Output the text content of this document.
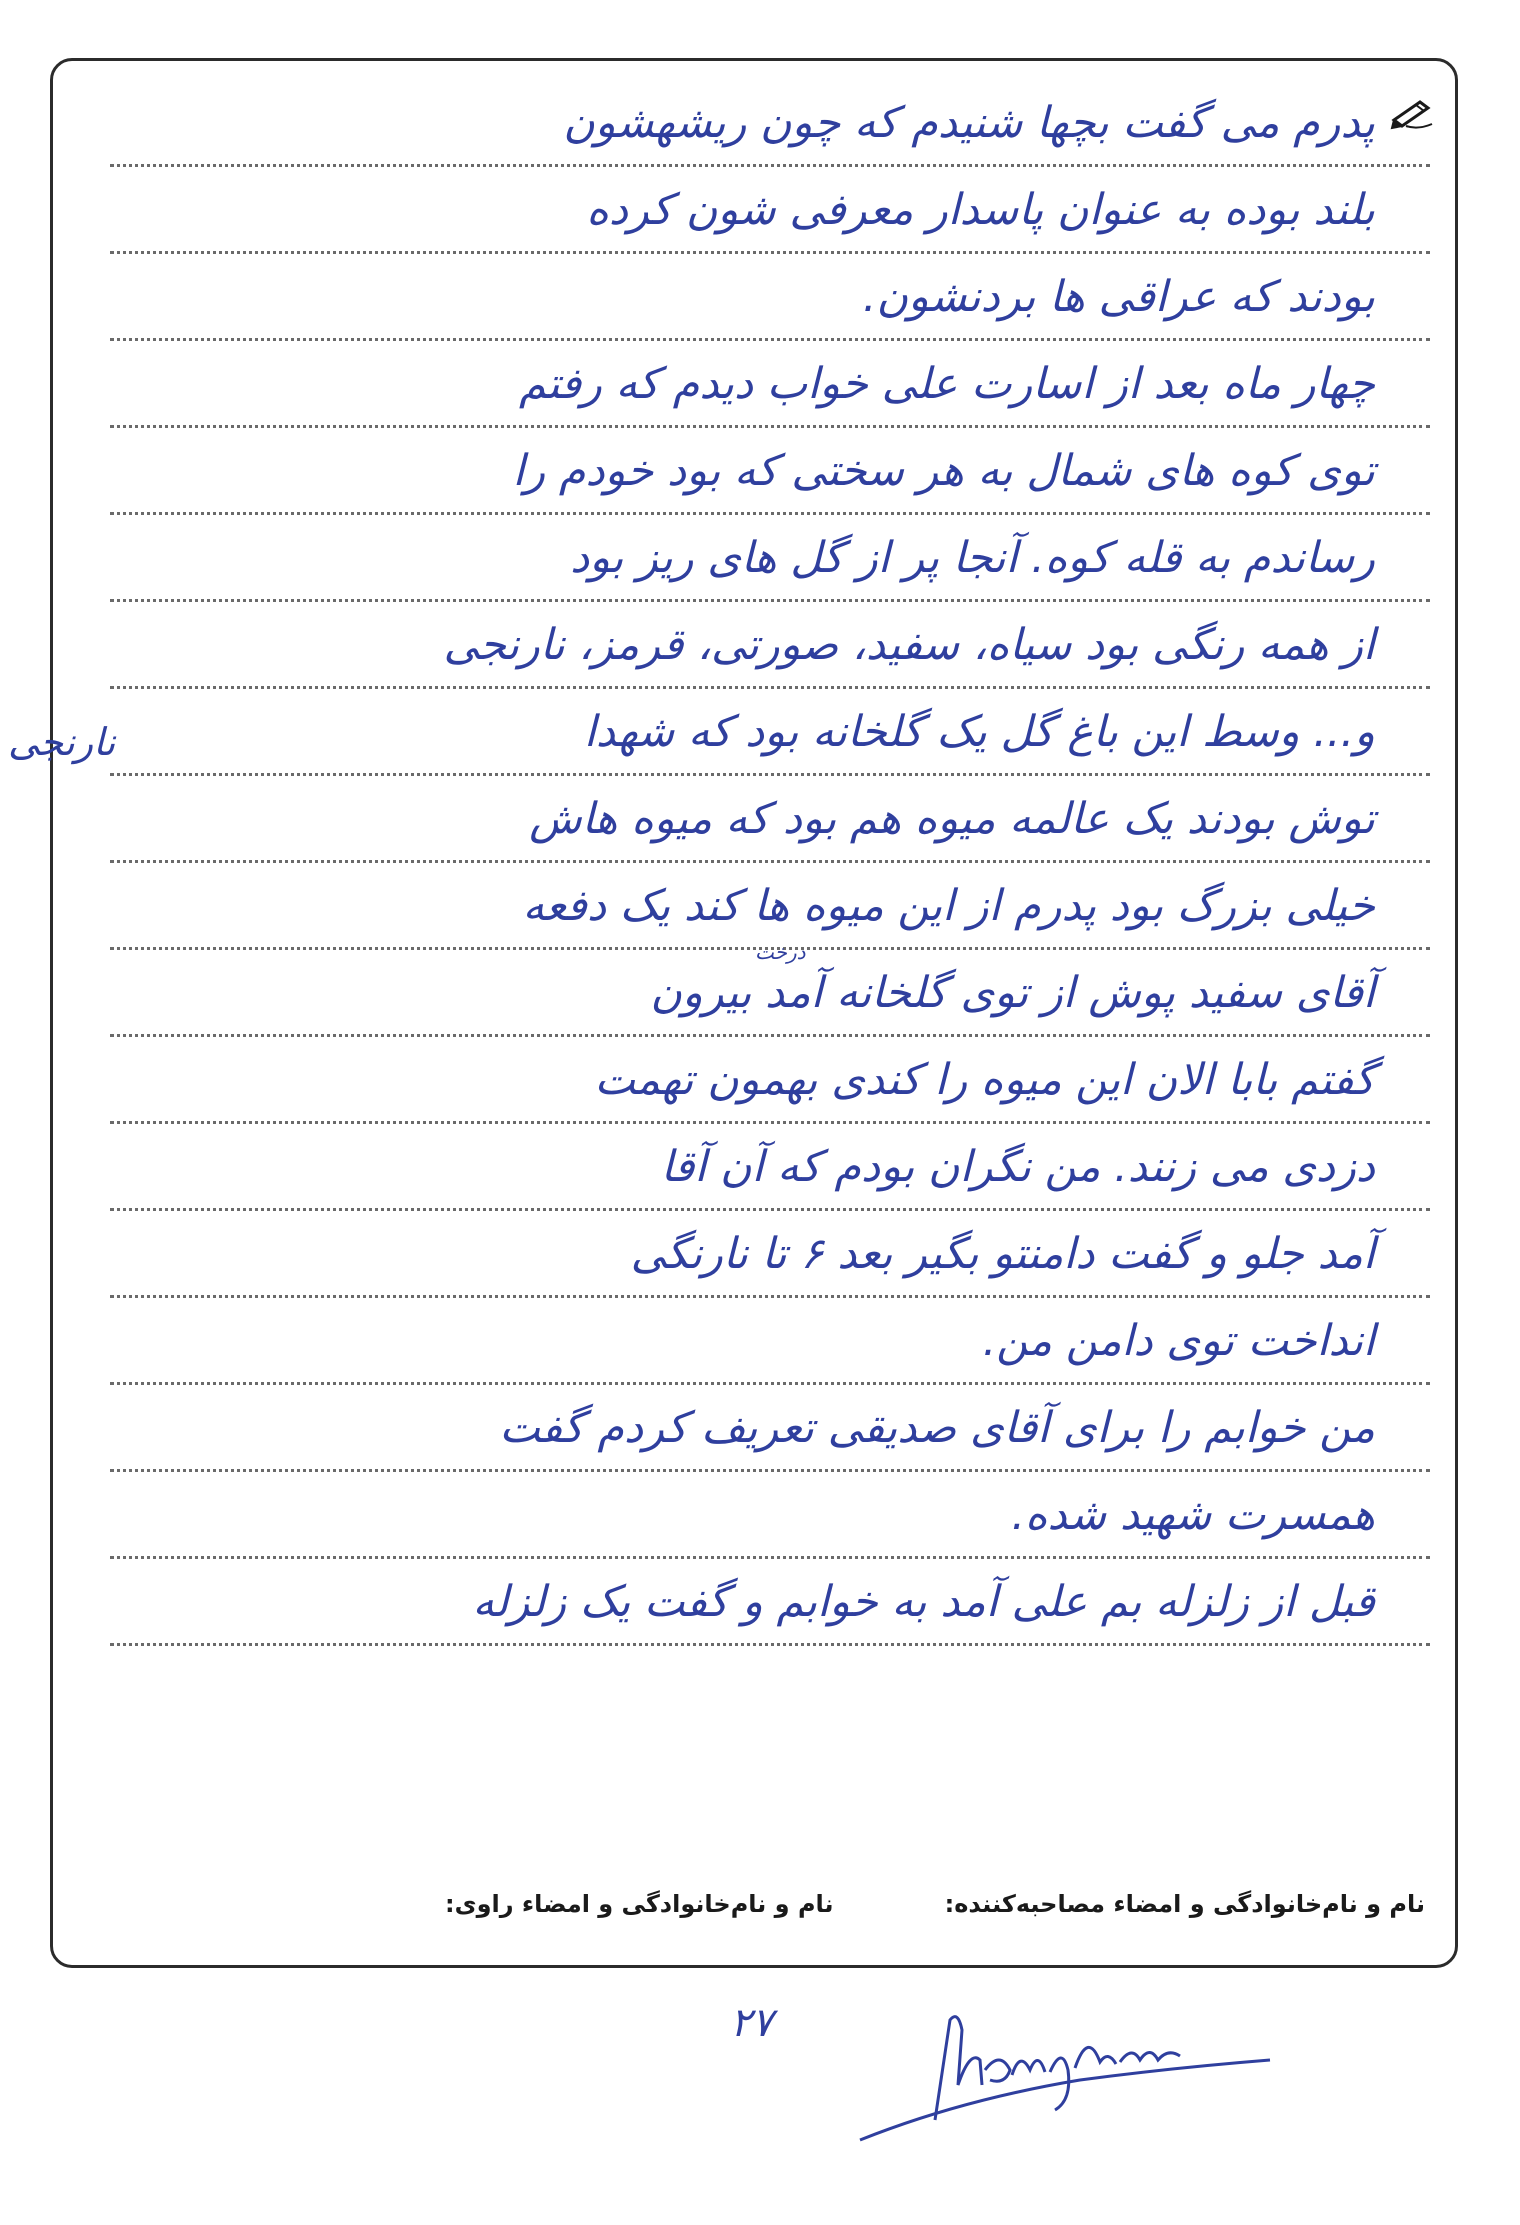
پدرم می گفت بچها شنیدم که چون ریشهشون
بلند بوده به عنوان پاسدار معرفی شون کرده
بودند که عراقی ها بردنشون.
چهار ماه بعد از اسارت علی خواب دیدم که رفتم
توی کوه های شمال به هر سختی که بود خودم را
رساندم به قله کوه. آنجا پر از گل های ریز بود
از همه رنگی بود سیاه، سفید، صورتی، قرمز، نارنجی
و... وسط این باغ گل یک گلخانه بود که شهدا
توش بودند یک عالمه میوه هم بود که میوه هاش
خیلی بزرگ بود پدرم از این میوه ها کند یک دفعه
آقای سفید پوش از توی گلخانه آمد بیرون
گفتم بابا الان این میوه را کندی بهمون تهمت
دزدی می زنند. من نگران بودم که آن آقا
آمد جلو و گفت دامنتو بگیر بعد ۶ تا نارنگی
انداخت توی دامن من.
من خوابم را برای آقای صدیقی تعریف کردم گفت
همسرت شهید شده.
قبل از زلزله بم علی آمد به خوابم و گفت یک زلزله
درخت
نارنجی
نام و نام‌خانوادگی و امضاء مصاحبه‌کننده:
نام و نام‌خانوادگی و امضاء راوی:
۲۷
